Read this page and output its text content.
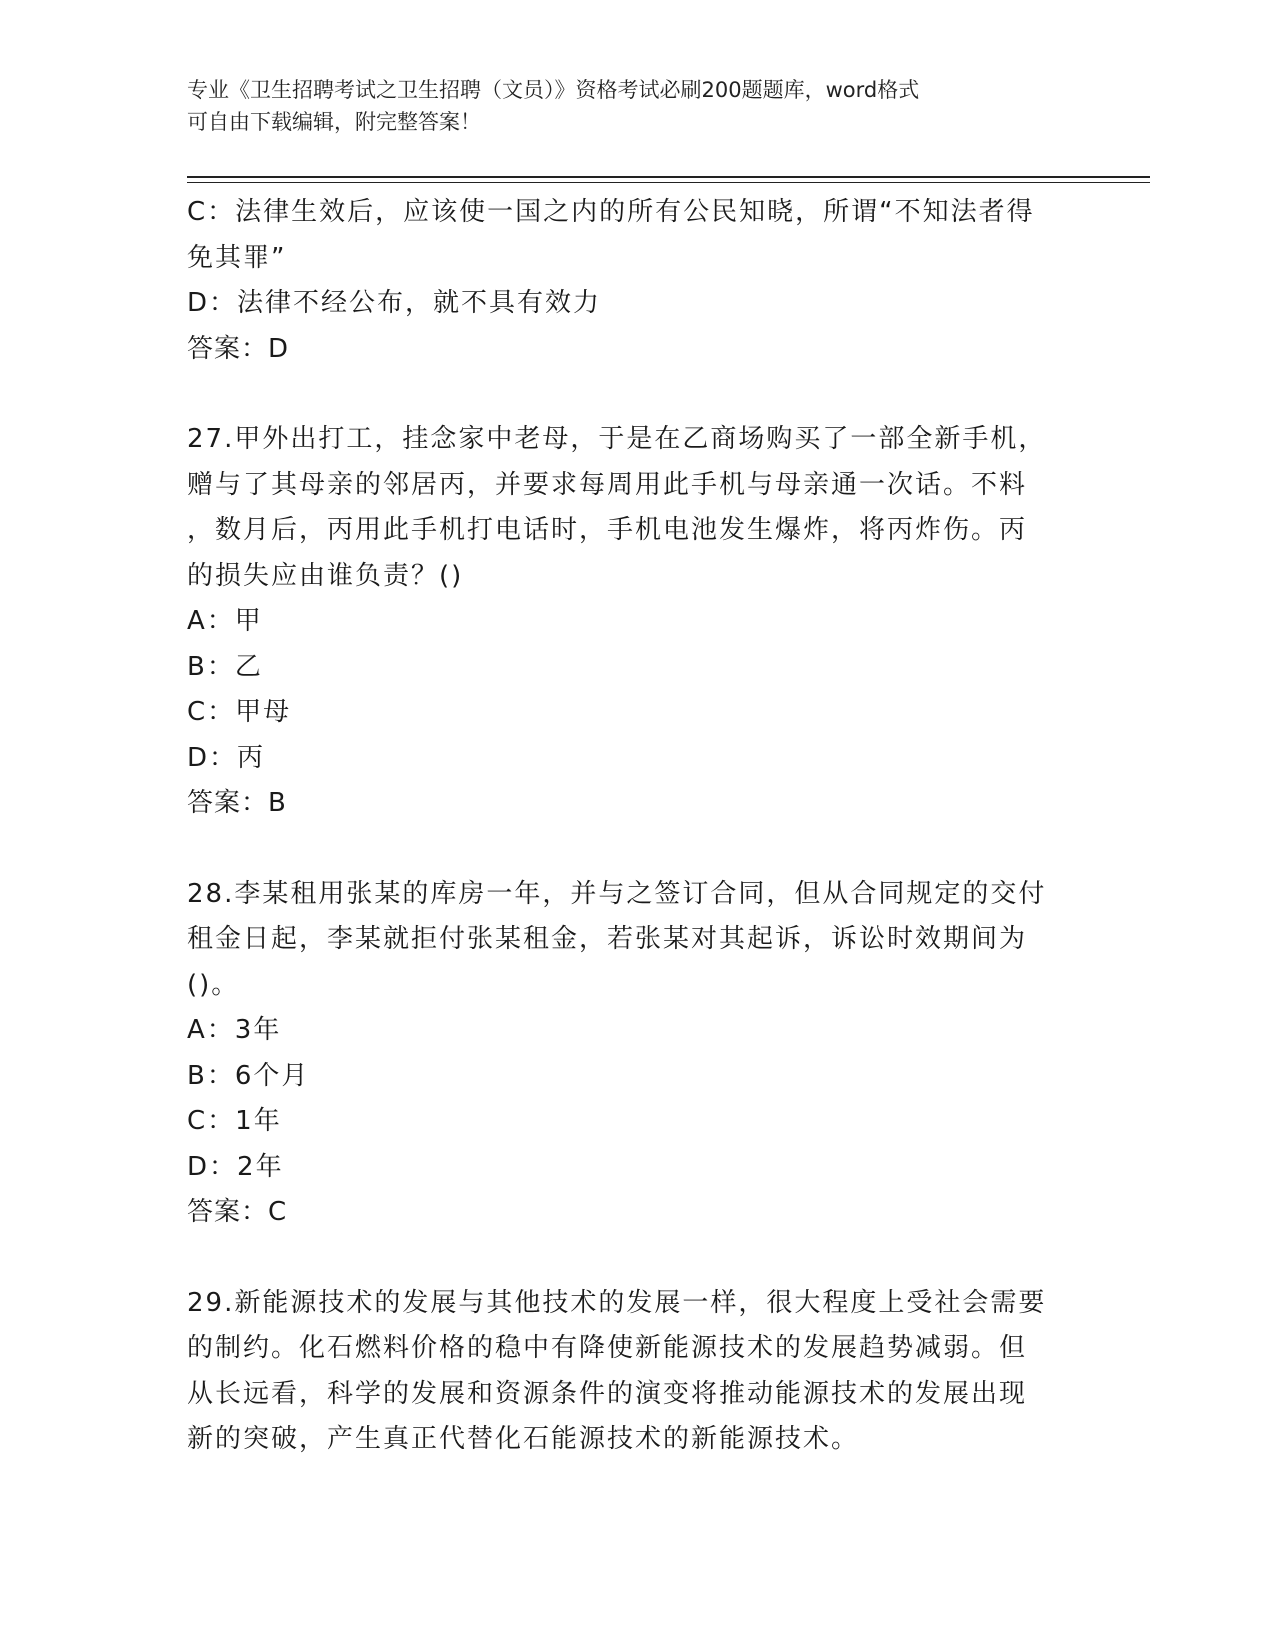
专业《卫生招聘考试之卫生招聘（文员）》资格考试必刷200题题库，word格式
可自由下载编辑，附完整答案！
C：法律生效后，应该使一国之内的所有公民知晓，所谓“不知法者得
免其罪”
D：法律不经公布，就不具有效力
答案：D
27.甲外出打工，挂念家中老母，于是在乙商场购买了一部全新手机，
赠与了其母亲的邻居丙，并要求每周用此手机与母亲通一次话。不料
，数月后，丙用此手机打电话时，手机电池发生爆炸，将丙炸伤。丙
的损失应由谁负责？()
A：甲
B：乙
C：甲母
D：丙
答案：B
28.李某租用张某的库房一年，并与之签订合同，但从合同规定的交付
租金日起，李某就拒付张某租金，若张某对其起诉，诉讼时效期间为
()。
A：3年
B：6个月
C：1年
D：2年
答案：C
29.新能源技术的发展与其他技术的发展一样，很大程度上受社会需要
的制约。化石燃料价格的稳中有降使新能源技术的发展趋势减弱。但
从长远看，科学的发展和资源条件的演变将推动能源技术的发展出现
新的突破，产生真正代替化石能源技术的新能源技术。
